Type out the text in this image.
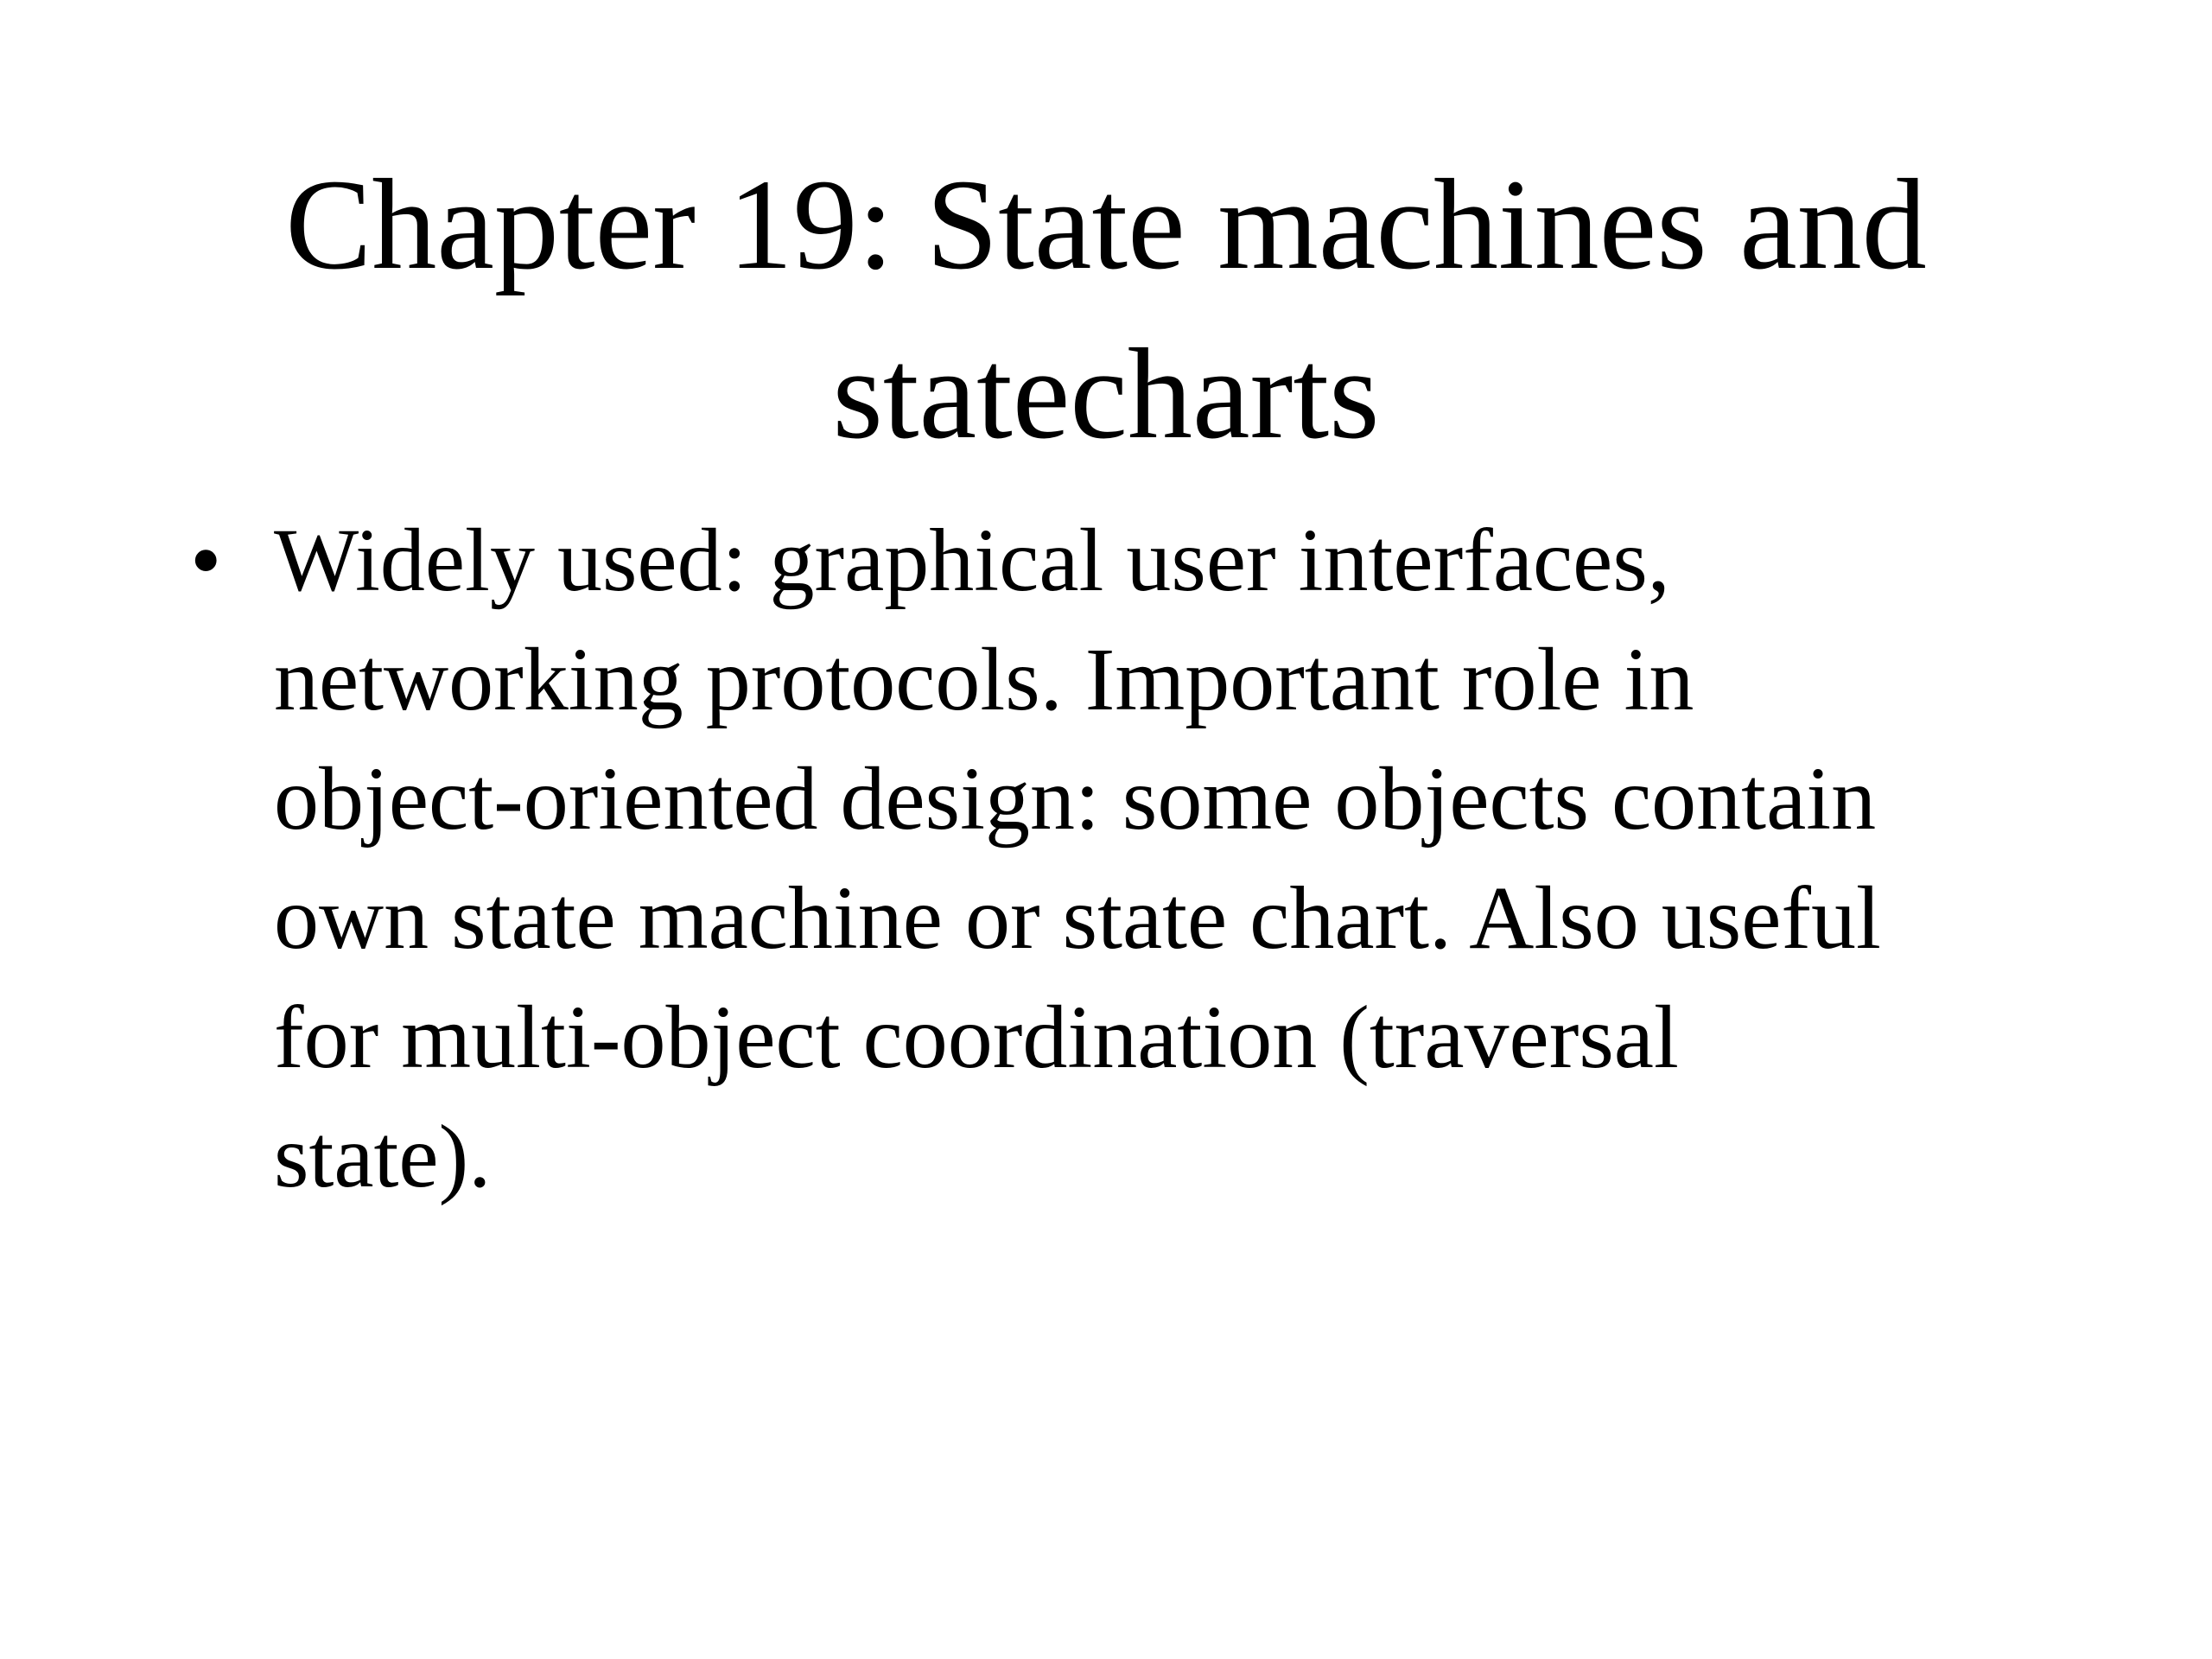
Chapter 19: State machines and
statecharts
• Widely used: graphical user interfaces,
networking protocols. Important role in
object-oriented design: some objects contain
own state machine or state chart. Also useful
for multi-object coordination (traversal
state).
